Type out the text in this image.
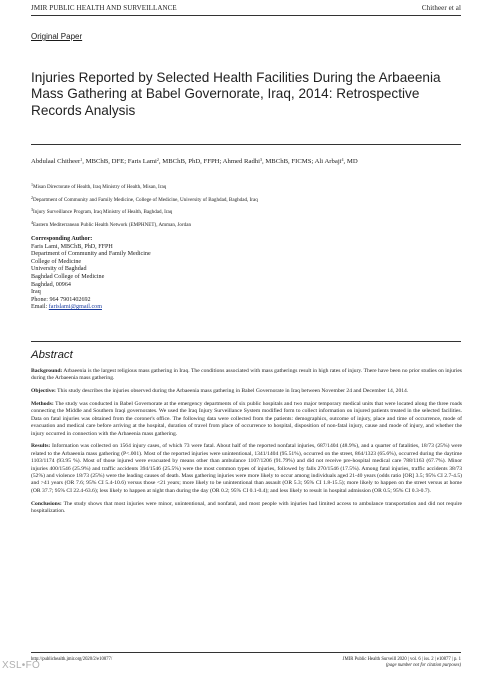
JMIR PUBLIC HEALTH AND SURVEILLANCE	Chitheer et al
Original Paper
Injuries Reported by Selected Health Facilities During the Arbaeenia Mass Gathering at Babel Governorate, Iraq, 2014: Retrospective Records Analysis
Abdulaal Chitheer$^1$, MBChB, DFE; Faris Lami$^2$, MBChB, PhD, FFPH; Ahmed Radhi$^3$, MBChB, FICMS; Ali Arbaji$^4$, MD
$^1$Misan Directorate of Health, Iraq Ministry of Health, Misan, Iraq
$^2$Department of Community and Family Medicine, College of Medicine, University of Baghdad, Baghdad, Iraq
$^3$Injury Surveillance Program, Iraq Ministry of Health, Baghdad, Iraq
$^4$Eastern Mediterranean Public Health Network (EMPHNET), Amman, Jordan
Corresponding Author:
Faris Lami, MBChB, PhD, FFPH
Department of Community and Family Medicine
College of Medicine
University of Baghdad
Baghdad College of Medicine
Baghdad, 00964
Iraq
Phone: 964 7901402692
Email: farislami@gmail.com
Abstract

Background: Arbaeenia is the largest religious mass gathering in Iraq. The conditions associated with mass gatherings result in high rates of injury. There have been no prior studies on injuries during the Arbaeenia mass gathering.

Objective: This study describes the injuries observed during the Arbaeenia mass gathering in Babel Governorate in Iraq between November 24 and December 14, 2014.

Methods: The study was conducted in Babel Governorate at the emergency departments of six public hospitals and two major temporary medical units that were located along the three roads connecting the Middle and Southern Iraqi governorates. We used the Iraq Injury Surveillance System modified form to collect information on injured patients treated in the selected facilities. Data on fatal injuries was obtained from the coroner's office. The following data were collected from the patients: demographics, outcome of injury, place and time of occurrence, mode of evacuation and medical care before arriving at the hospital, duration of travel from place of occurrence to hospital, disposition of non-fatal injury, cause and mode of injury, and whether the injury occurred in connection with the Arbaeenia mass gathering.

Results: Information was collected on 1564 injury cases, of which 73 were fatal. About half of the reported nonfatal injuries, 687/1404 (48.9%), and a quarter of fatalities, 18/73 (25%) were related to the Arbaeenia mass gathering (P<.001). Most of the reported injuries were unintentional, 1341/1404 (95.51%), occurred on the street, 864/1323 (65.6%), occurred during the daytime 1103/1174 (93.95 %). Most of those injured were evacuated by means other than ambulance 1107/1206 (91.79%) and did not receive pre-hospital medical care 788/1163 (67.7%). Minor injuries 400/1546 (25.9%) and traffic accidents 394/1546 (25.5%) were the most common types of injuries, followed by falls 270/1546 (17.5%). Among fatal injuries, traffic accidents 38/73 (52%) and violence 18/73 (25%) were the leading causes of death. Mass gathering injuries were more likely to occur among individuals aged 21-40 years (odds ratio [OR] 3.5; 95% CI 2.7-4.5) and >41 years (OR 7.6; 95% CI 5.4-10.6) versus those <21 years; more likely to be unintentional than assault (OR 5.3; 95% CI 1.8-15.5); more likely to happen on the street versus at home (OR 37.7; 95% CI 22.4-63.6); less likely to happen at night than during the day (OR 0.2; 95% CI 0.1-0.4); and less likely to result in hospital admission (OR 0.5; 95% CI 0.3-0.7).

Conclusions: The study shows that most injuries were minor, unintentional, and nonfatal, and most people with injuries had limited access to ambulance transportation and did not require hospitalization.

http://publichealth.jmir.org/2020/2/e10877/	JMIR Public Health Surveill 2020 | vol. 6 | iss. 2 | e10877 | p. 1
(page number not for citation purposes)
XSL•FO
